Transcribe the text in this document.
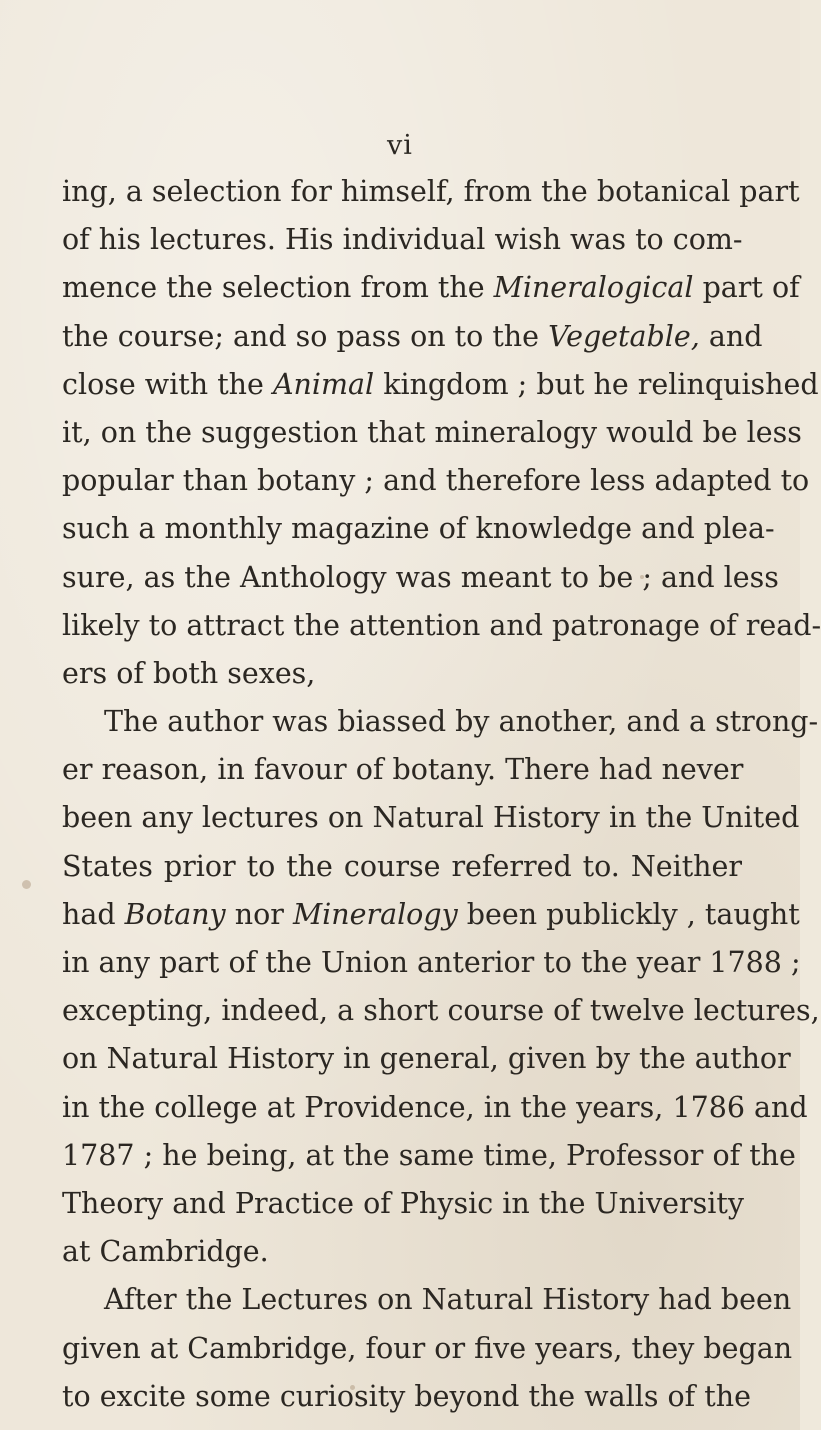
vi
ing, a selection for himself, from the botanical part
of his lectures. His individual wish was to com-
mence the selection from the Mineralogical part of
the course; and so pass on to the Vegetable, and
close with the Animal kingdom ; but he relinquished
it, on the suggestion that mineralogy would be less
popular than botany ; and therefore less adapted to
such a monthly magazine of knowledge and plea-
sure, as the Anthology was meant to be ; and less
likely to attract the attention and patronage of read-
ers of both sexes,
The author was biassed by another, and a strong-
er reason, in favour of botany. There had never
been any lectures on Natural History in the United
States prior to the course referred to. Neither
had Botany nor Mineralogy been publickly , taught
in any part of the Union anterior to the year 1788 ;
excepting, indeed, a short course of twelve lectures,
on Natural History in general, given by the author
in the college at Providence, in the years, 1786 and
1787 ; he being, at the same time, Professor of the
Theory and Practice of Physic in the University
at Cambridge.
After the Lectures on Natural History had been
given at Cambridge, four or five years, they began
to excite some curiosity beyond the walls of the
